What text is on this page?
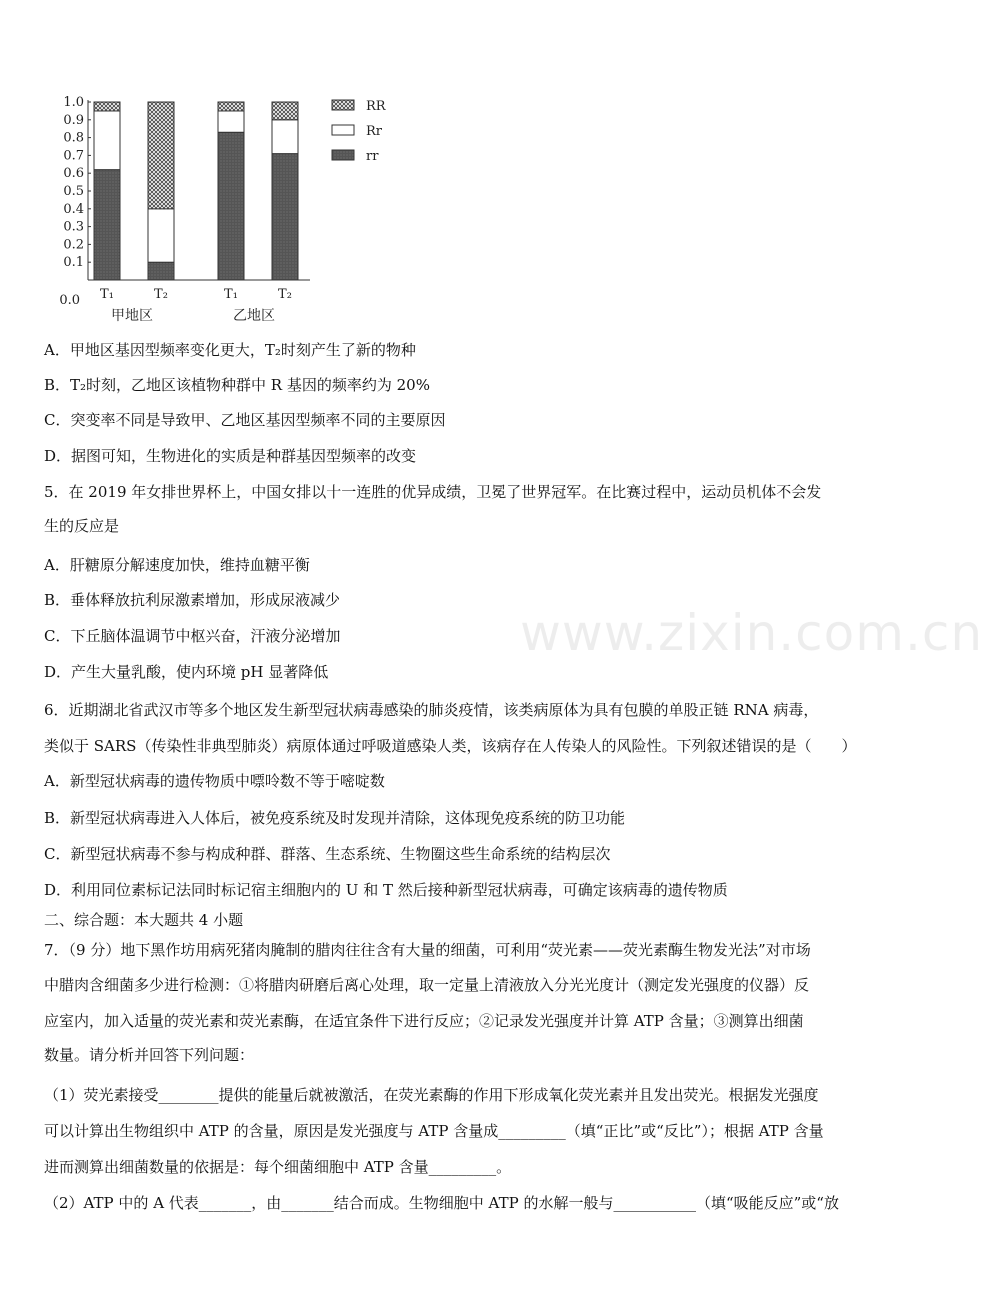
1.0
0.9
0.8
0.7
0.6
0.5
0.4
0.3
0.2
0.1
0.0 T₁	T₂	T₁	T₂
甲地区	乙地区
RR
Rr
rr
www.zixin.com.cn
A．甲地区基因型频率变化更大，T₂时刻产生了新的物种
B．T₂时刻，乙地区该植物种群中 R 基因的频率约为 20%
C．突变率不同是导致甲、乙地区基因型频率不同的主要原因
D．据图可知，生物进化的实质是种群基因型频率的改变
5．在 2019 年女排世界杯上，中国女排以十一连胜的优异成绩，卫冕了世界冠军。在比赛过程中，运动员机体不会发
生的反应是
A．肝糖原分解速度加快，维持血糖平衡
B．垂体释放抗利尿激素增加，形成尿液减少
C．下丘脑体温调节中枢兴奋，汗液分泌增加
D．产生大量乳酸，使内环境 pH 显著降低
6．近期湖北省武汉市等多个地区发生新型冠状病毒感染的肺炎疫情，该类病原体为具有包膜的单股正链 RNA 病毒，
类似于 SARS（传染性非典型肺炎）病原体通过呼吸道感染人类，该病存在人传染人的风险性。下列叙述错误的是（　　）
A．新型冠状病毒的遗传物质中嘌呤数不等于嘧啶数
B．新型冠状病毒进入人体后，被免疫系统及时发现并清除，这体现免疫系统的防卫功能
C．新型冠状病毒不参与构成种群、群落、生态系统、生物圈这些生命系统的结构层次
D．利用同位素标记法同时标记宿主细胞内的 U 和 T 然后接种新型冠状病毒，可确定该病毒的遗传物质
二、综合题：本大题共 4 小题
7．（9 分）地下黑作坊用病死猪肉腌制的腊肉往往含有大量的细菌，可利用“荧光素——荧光素酶生物发光法”对市场
中腊肉含细菌多少进行检测：①将腊肉研磨后离心处理，取一定量上清液放入分光光度计（测定发光强度的仪器）反
应室内，加入适量的荧光素和荧光素酶，在适宜条件下进行反应；②记录发光强度并计算 ATP 含量；③测算出细菌
数量。请分析并回答下列问题：
（1）荧光素接受________提供的能量后就被激活，在荧光素酶的作用下形成氧化荧光素并且发出荧光。根据发光强度
可以计算出生物组织中 ATP 的含量，原因是发光强度与 ATP 含量成_________（填“正比”或“反比”）；根据 ATP 含量
进而测算出细菌数量的依据是：每个细菌细胞中 ATP 含量_________。
（2）ATP 中的 A 代表_______，由_______结合而成。生物细胞中 ATP 的水解一般与___________（填“吸能反应”或“放
